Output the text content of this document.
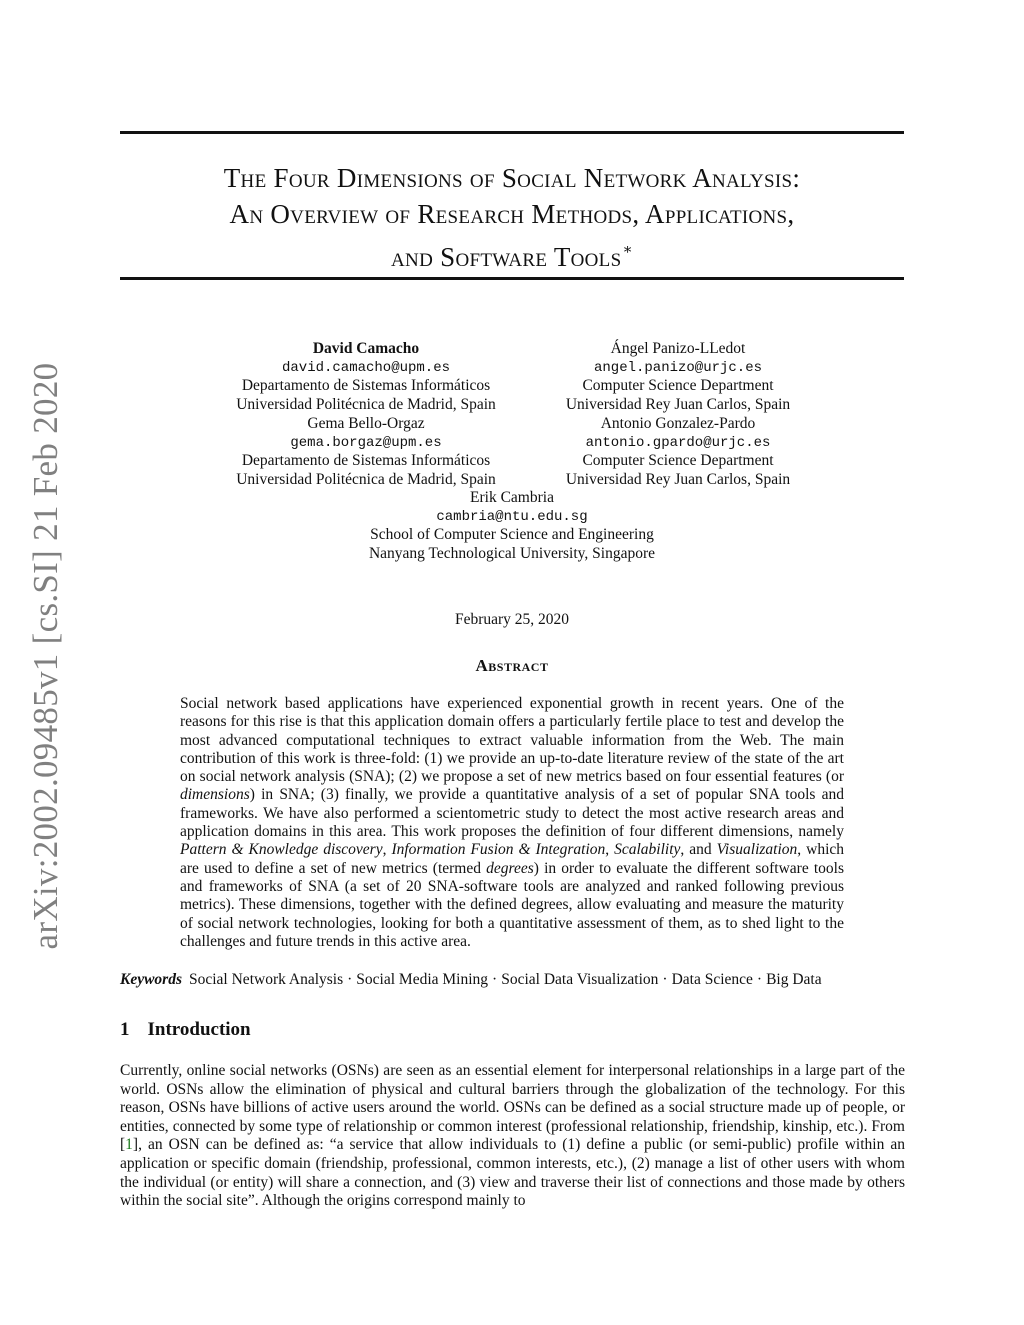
The Four Dimensions of Social Network Analysis:
An Overview of Research Methods, Applications,
and Software Tools∗
David Camacho
david.camacho@upm.es
Departamento de Sistemas Informáticos
Universidad Politécnica de Madrid, Spain
Gema Bello-Orgaz
gema.borgaz@upm.es
Departamento de Sistemas Informáticos
Universidad Politécnica de Madrid, Spain
Ángel Panizo-LLedot
angel.panizo@urjc.es
Computer Science Department
Universidad Rey Juan Carlos, Spain
Antonio Gonzalez-Pardo
antonio.gpardo@urjc.es
Computer Science Department
Universidad Rey Juan Carlos, Spain
Erik Cambria
cambria@ntu.edu.sg
School of Computer Science and Engineering
Nanyang Technological University, Singapore
February 25, 2020
Abstract

Social network based applications have experienced exponential growth in recent years. One of the reasons for this rise is that this application domain offers a particularly fertile place to test and develop the most advanced computational techniques to extract valuable information from the Web. The main contribution of this work is three-fold: (1) we provide an up-to-date literature review of the state of the art on social network analysis (SNA); (2) we propose a set of new metrics based on four essential features (or dimensions) in SNA; (3) finally, we provide a quantitative analysis of a set of popular SNA tools and frameworks. We have also performed a scientometric study to detect the most active research areas and application domains in this area. This work proposes the definition of four different dimensions, namely Pattern & Knowledge discovery, Information Fusion & Integration, Scalability, and Visualization, which are used to define a set of new metrics (termed degrees) in order to evaluate the different software tools and frameworks of SNA (a set of 20 SNA-software tools are analyzed and ranked following previous metrics). These dimensions, together with the defined degrees, allow evaluating and measure the maturity of social network technologies, looking for both a quantitative assessment of them, as to shed light to the challenges and future trends in this active area.

Keywords Social Network Analysis · Social Media Mining · Social Data Visualization · Data Science · Big Data
1 Introduction

Currently, online social networks (OSNs) are seen as an essential element for interpersonal relationships in a large part of the world. OSNs allow the elimination of physical and cultural barriers through the globalization of the technology. For this reason, OSNs have billions of active users around the world. OSNs can be defined as a social structure made up of people, or entities, connected by some type of relationship or common interest (professional relationship, friendship, kinship, etc.). From [1], an OSN can be defined as: “a service that allow individuals to (1) define a public (or semi-public) profile within an application or specific domain (friendship, professional, common interests, etc.), (2) manage a list of other users with whom the individual (or entity) will share a connection, and (3) view and traverse their list of connections and those made by others within the social site”. Although the origins correspond mainly to

arXiv:2002.09485v1 [cs.SI] 21 Feb 2020
